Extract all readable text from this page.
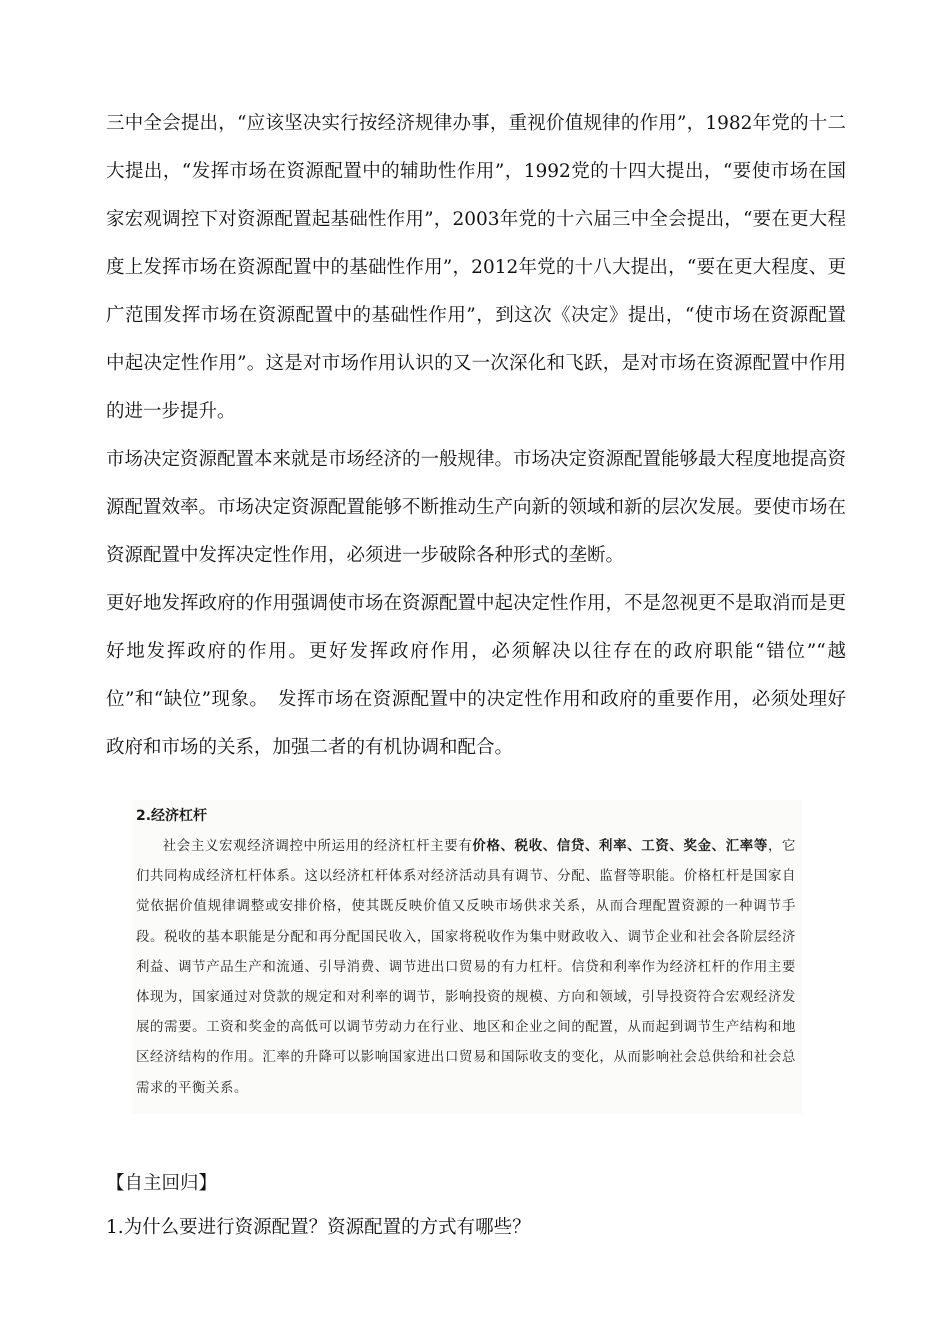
三中全会提出，“应该坚决实行按经济规律办事，重视价值规律的作用”，1982年党的十二大提出，“发挥市场在资源配置中的辅助性作用”，1992党的十四大提出，“要使市场在国家宏观调控下对资源配置起基础性作用”，2003年党的十六届三中全会提出，“要在更大程度上发挥市场在资源配置中的基础性作用”，2012年党的十八大提出，“要在更大程度、更广范围发挥市场在资源配置中的基础性作用”，到这次《决定》提出，“使市场在资源配置中起决定性作用”。这是对市场作用认识的又一次深化和飞跃，是对市场在资源配置中作用的进一步提升。

市场决定资源配置本来就是市场经济的一般规律。市场决定资源配置能够最大程度地提高资源配置效率。市场决定资源配置能够不断推动生产向新的领域和新的层次发展。要使市场在资源配置中发挥决定性作用，必须进一步破除各种形式的垄断。

更好地发挥政府的作用强调使市场在资源配置中起决定性作用，不是忽视更不是取消而是更好地发挥政府的作用。更好发挥政府作用，必须解决以往存在的政府职能“错位”“越位”和“缺位”现象。　发挥市场在资源配置中的决定性作用和政府的重要作用，必须处理好政府和市场的关系，加强二者的有机协调和配合。

2.经济杠杆

社会主义宏观经济调控中所运用的经济杠杆主要有价格、税收、信贷、利率、工资、奖金、汇率等，它们共同构成经济杠杆体系。这以经济杠杆体系对经济活动具有调节、分配、监督等职能。价格杠杆是国家自觉依据价值规律调整或安排价格，使其既反映价值又反映市场供求关系，从而合理配置资源的一种调节手段。税收的基本职能是分配和再分配国民收入，国家将税收作为集中财政收入、调节企业和社会各阶层经济利益、调节产品生产和流通、引导消费、调节进出口贸易的有力杠杆。信贷和利率作为经济杠杆的作用主要体现为，国家通过对贷款的规定和对利率的调节，影响投资的规模、方向和领域，引导投资符合宏观经济发展的需要。工资和奖金的高低可以调节劳动力在行业、地区和企业之间的配置，从而起到调节生产结构和地区经济结构的作用。汇率的升降可以影响国家进出口贸易和国际收支的变化，从而影响社会总供给和社会总需求的平衡关系。

【自主回归】
1.为什么要进行资源配置？资源配置的方式有哪些？
